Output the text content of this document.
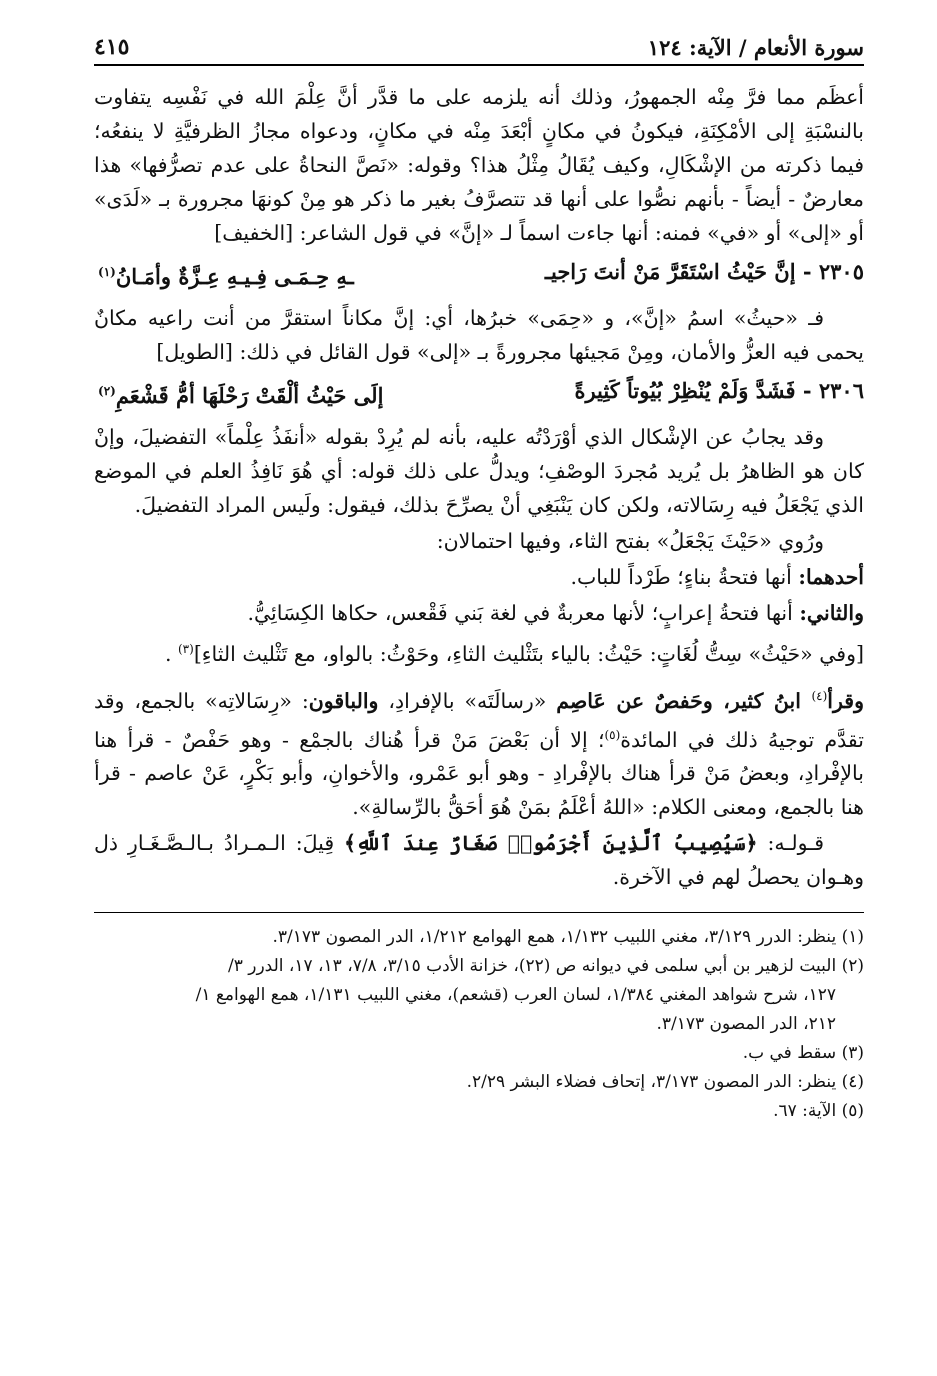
سورة الأنعام / الآية: ١٢٤
٤١٥

أعظَم مما فرَّ مِنْه الجمهورُ، وذلك أنه يلزمه على ما قدَّر أنَّ عِلْمَ الله في نَفْسِه يتفاوت بالنسْبَةِ إلى الأمْكِنَةِ، فيكونُ في مكانٍ أبْعَدَ مِنْه في مكانٍ، ودعواه مجازُ الظرفيَّةِ لا ينفعُه؛ فيما ذكرته من الإشْكَالِ، وكيف يُقَالُ مِثْلُ هذا؟ وقوله: «نَصَّ النحاةُ على عدم تصرُّفها» هذا معارضٌ - أيضاً - بأنهم نصُّوا على أنها قد تتصرَّفُ بغير ما ذكر هو مِنْ كونهَا مجرورة بـ «لَدَى» أو «إلى» أو «في» فمنه: أنها جاءت اسماً لـ «إنَّ» في قول الشاعر: [الخفيف]

٢٣٠٥ - إنَّ حَيْثُ اسْتَقَرَّ مَنْ أنتَ رَاجيـ
ـهِ حِـمَـى فِـيـهِ عِـزَّةٌ وأمَـانُ$^{(١)}$

فـ «حيثُ» اسمُ «إنَّ»، و «حِمَى» خبرُها، أي: إنَّ مكاناً استقرَّ من أنت راعيه مكانٌ يحمى فيه العزُّ والأمان، ومِنْ مَجيئها مجرورةً بـ «إلى» قول القائل في ذلك: [الطويل]

٢٣٠٦ - فَشَدَّ وَلَمْ يُنْظِرْ بُيُوتاً كَثِيرةً
إلَى حَيْثُ ألْقَتْ رَحْلَهَا أمُّ قَشْعَمِ$^{(٢)}$

وقد يجابُ عن الإشْكال الذي أوْرَدْتُه عليه، بأنه لم يُرِدْ بقوله «أنفَذُ عِلْماً» التفضيلَ، وإنْ كان هو الظاهرُ بل يُريد مُجردَ الوصْفِ؛ ويدلُّ على ذلك قوله: أي هُوَ نَافِذُ العلم في الموضع الذي يَجْعَلُ فيه رِسَالاته، ولكن كان يَنْبَغِي أنْ يصرِّحَ بذلك، فيقول: ولَيس المراد التفضيلَ.

ورُوي «حَيْثَ يَجْعَلُ» بفتح الثاء، وفيها احتمالان:

أحدهما: أنها فتحةُ بناءٍ؛ طَرْداً للباب.

والثاني: أنها فتحةُ إعرابٍ؛ لأنها معربةٌ في لغة بَني فَقْعس، حكاها الكِسَائِيُّ.

[وفي «حَيْثُ» سِتُّ لُغَاتٍ: حَيْثُ: بالياء بتَثْليث الثاءِ، وحَوْثُ: بالواو، مع تَثْليث الثاءِ]$^{(٣)}$ .

وقرأ$^{(٤)}$ ابنُ كثير، وحَفصٌ عن عَاصِم «رسالَتَه» بالإفرادِ، والباقون: «رِسَالاتِه» بالجمع، وقد تقدَّم توجيهُ ذلك في المائدة$^{(٥)}$؛ إلا أن بَعْضَ مَنْ قرأ هُناك بالجمْع - وهو حَفْصٌ - قرأ هنا بالإفْرادِ، وبعضُ مَنْ قرأ هناك بالإفْرادِ - وهو أبو عَمْرو، والأخوانِ، وأبو بَكْرٍ، عَنْ عاصم - قرأ هنا بالجمع، ومعنى الكلام: «اللهُ أعْلَمُ بمَنْ هُوَ أحَقُّ بالرِّسالةِ».

قـولـه: ﴿سَيُصِيبُ ٱلَّذِينَ أَجْرَمُوا۟ صَغَارٌ عِندَ ٱللَّهِ﴾ قِيلَ: الـمـرادُ بـالـصَّـغَـارِ ذل وهـوان يحصلُ لهم في الآخرة.

(١) ينظر: الدرر ٣/١٢٩، مغني اللبيب ١/١٣٢، همع الهوامع ١/٢١٢، الدر المصون ٣/١٧٣.
(٢) البيت لزهير بن أبي سلمى في ديوانه ص (٢٢)، خزانة الأدب ٣/١٥، ٧/٨، ١٣، ١٧، الدرر ٣/
١٢٧، شرح شواهد المغني ١/٣٨٤، لسان العرب (قشعم)، مغني اللبيب ١/١٣١، همع الهوامع ١/
٢١٢، الدر المصون ٣/١٧٣.
(٣) سقط في ب.
(٤) ينظر: الدر المصون ٣/١٧٣، إتحاف فضلاء البشر ٢/٢٩.
(٥) الآية: ٦٧.
